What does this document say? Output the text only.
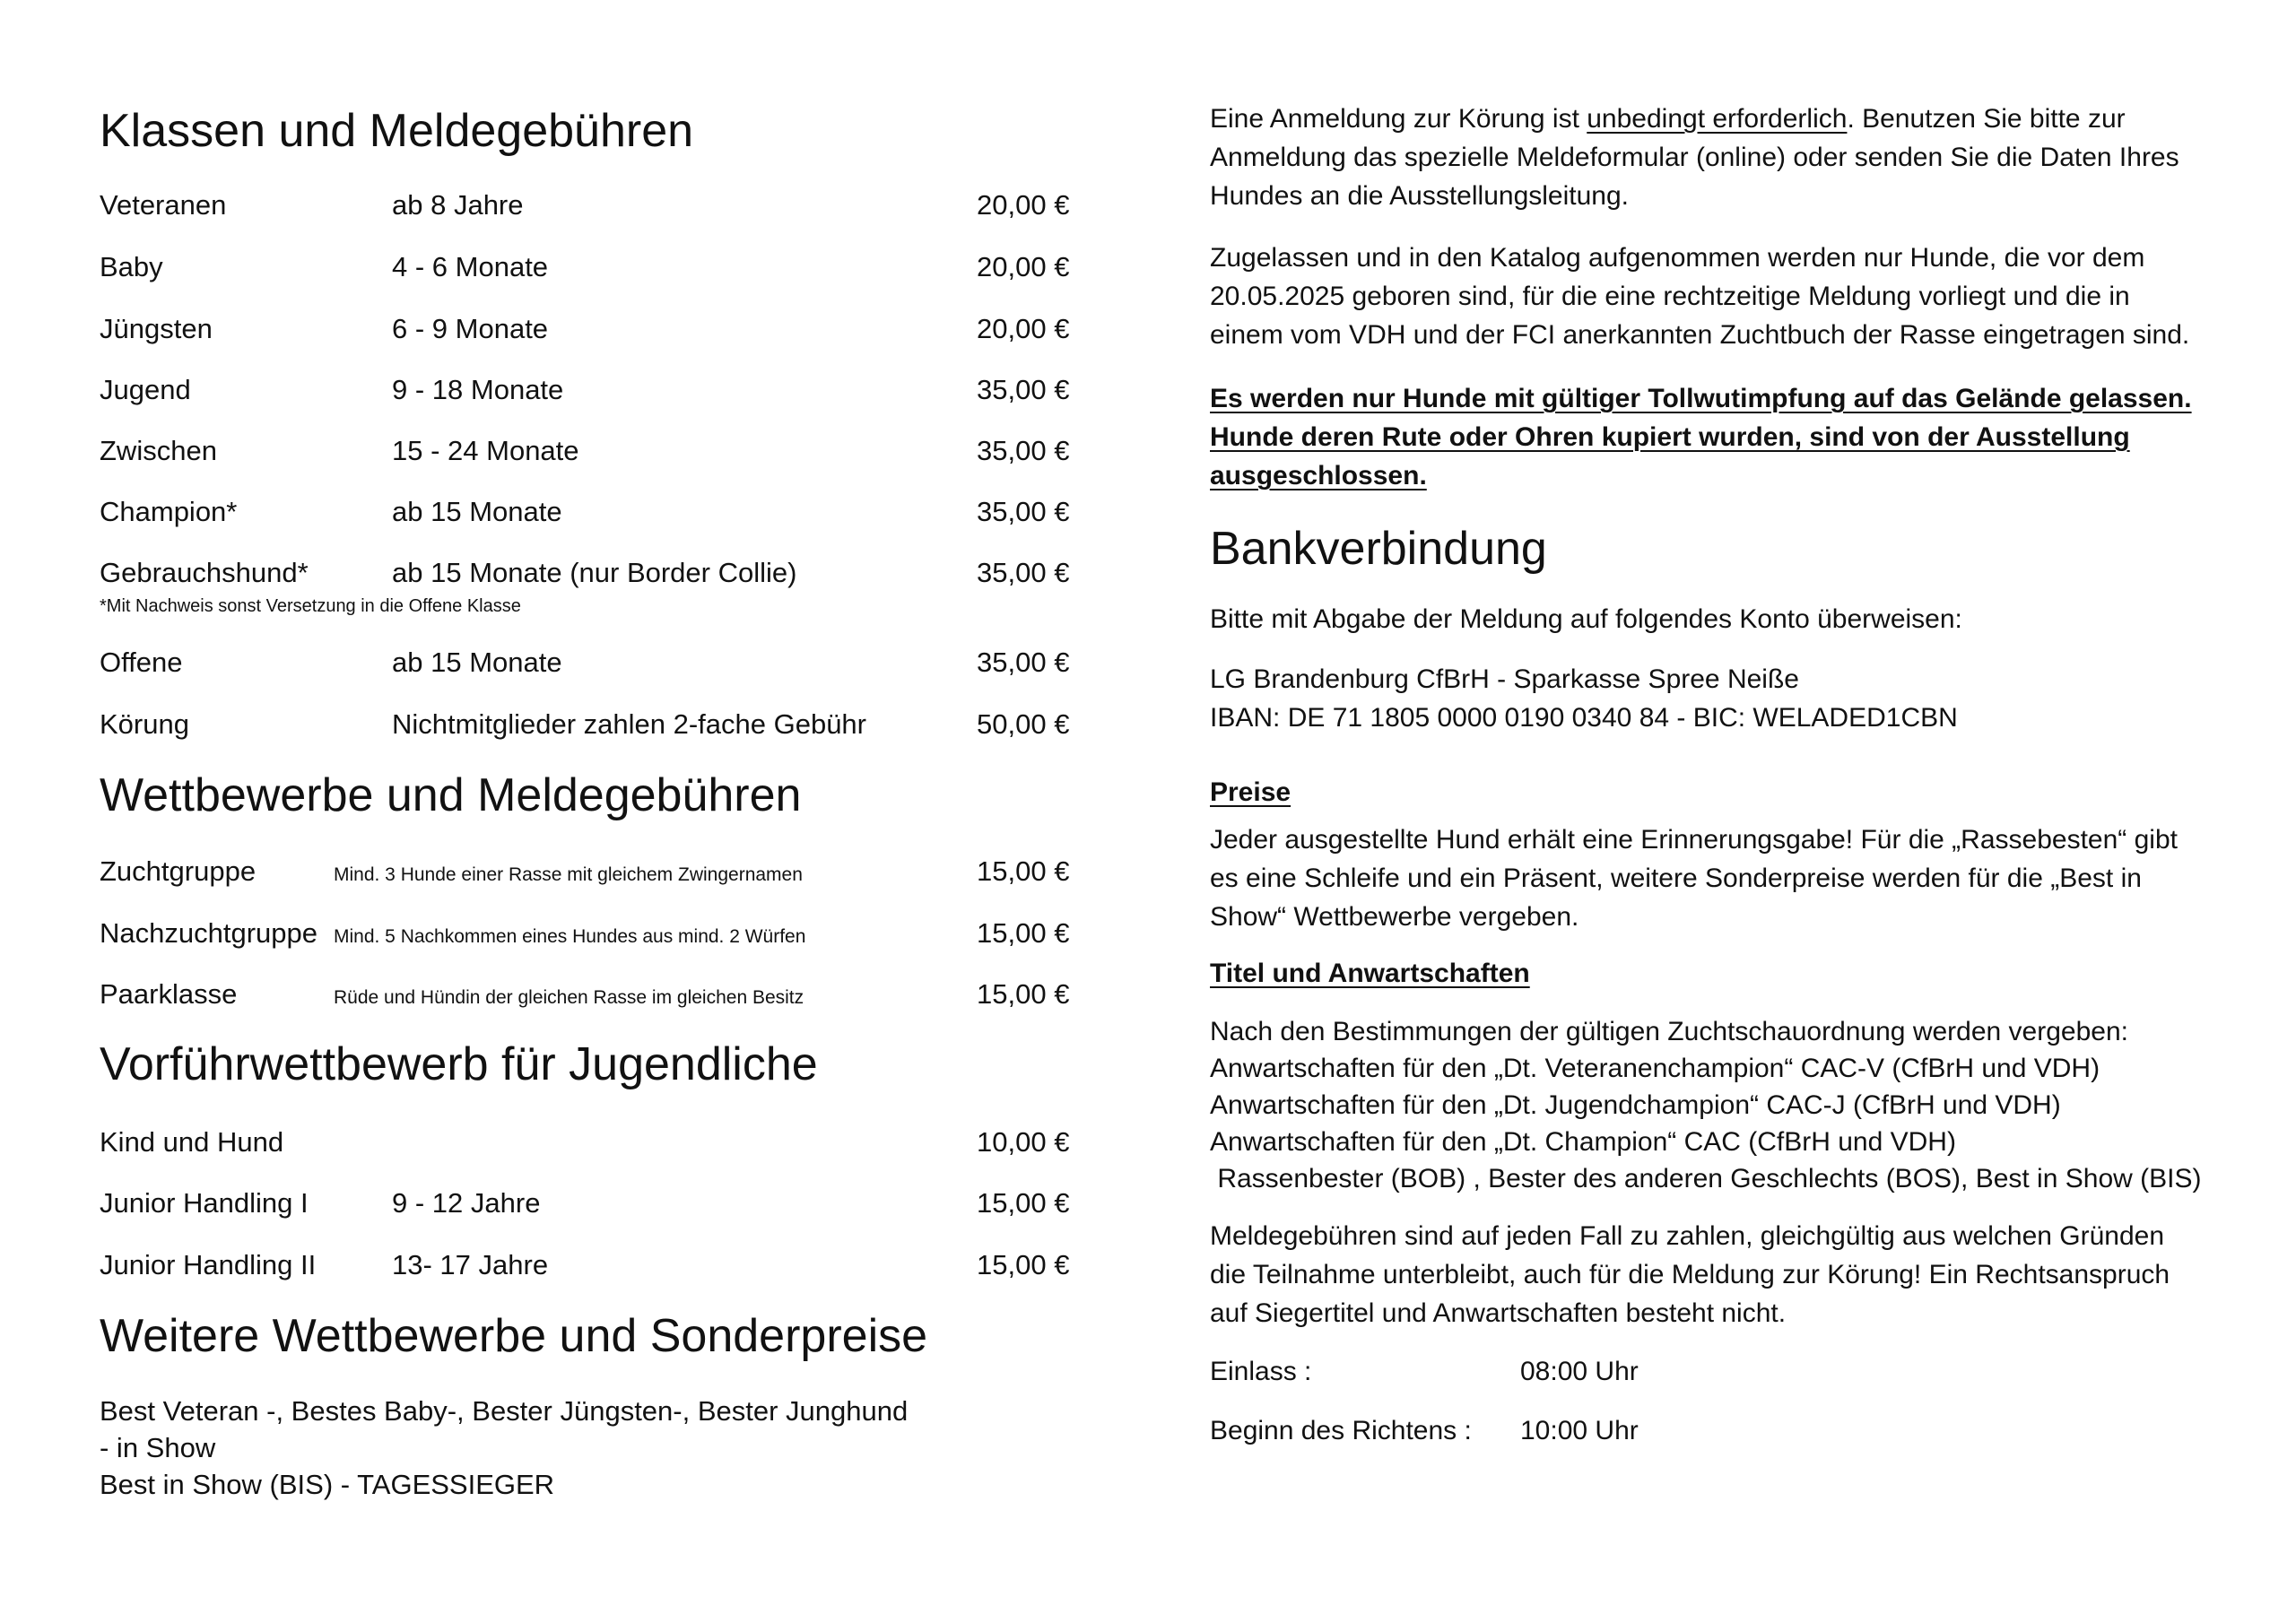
Klassen und Meldegebühren
Veteranen	ab 8 Jahre	20,00 €
Baby	4 - 6 Monate	20,00 €
Jüngsten	6 - 9 Monate	20,00 €
Jugend	9 - 18 Monate	35,00 €
Zwischen	15 - 24 Monate	35,00 €
Champion*	ab 15 Monate	35,00 €
Gebrauchshund*	ab 15 Monate (nur Border Collie)	35,00 €
*Mit Nachweis sonst Versetzung in die Offene Klasse
Offene	ab 15 Monate	35,00 €
Körung	Nichtmitglieder zahlen 2-fache Gebühr	50,00 €
Wettbewerbe und Meldegebühren
Zuchtgruppe	Mind. 3 Hunde einer Rasse mit gleichem Zwingernamen	15,00 €
Nachzuchtgruppe Mind. 5 Nachkommen eines Hundes aus mind. 2 Würfen	15,00 €
Paarklasse	Rüde und Hündin der gleichen Rasse im gleichen Besitz	15,00 €
Vorführwettbewerb für Jugendliche
Kind und Hund	10,00 €
Junior Handling I	9 - 12 Jahre	15,00 €
Junior Handling II	13- 17 Jahre	15,00 €
Weitere Wettbewerbe und Sonderpreise
Best Veteran -, Bestes Baby-, Bester Jüngsten-, Bester Junghund
- in Show
Best in Show (BIS) - TAGESSIEGER
Eine Anmeldung zur Körung ist unbedingt erforderlich. Benutzen Sie bitte zur
Anmeldung das spezielle Meldeformular (online) oder senden Sie die Daten Ihres
Hundes an die Ausstellungsleitung.
Zugelassen und in den Katalog aufgenommen werden nur Hunde, die vor dem
20.05.2025 geboren sind, für die eine rechtzeitige Meldung vorliegt und die in
einem vom VDH und der FCI anerkannten Zuchtbuch der Rasse eingetragen sind.
Es werden nur Hunde mit gültiger Tollwutimpfung auf das Gelände gelassen.
Hunde deren Rute oder Ohren kupiert wurden, sind von der Ausstellung
ausgeschlossen.
Bankverbindung
Bitte mit Abgabe der Meldung auf folgendes Konto überweisen:
LG Brandenburg CfBrH - Sparkasse Spree Neiße
IBAN: DE 71 1805 0000 0190 0340 84 - BIC: WELADED1CBN
Preise
Jeder ausgestellte Hund erhält eine Erinnerungsgabe! Für die „Rassebesten“ gibt
es eine Schleife und ein Präsent, weitere Sonderpreise werden für die „Best in
Show“ Wettbewerbe vergeben.
Titel und Anwartschaften
Nach den Bestimmungen der gültigen Zuchtschauordnung werden vergeben:
Anwartschaften für den „Dt. Veteranenchampion“ CAC-V (CfBrH und VDH)
Anwartschaften für den „Dt. Jugendchampion“ CAC-J (CfBrH und VDH)
Anwartschaften für den „Dt. Champion“ CAC (CfBrH und VDH)
Rassenbester (BOB) , Bester des anderen Geschlechts (BOS), Best in Show (BIS)
Meldegebühren sind auf jeden Fall zu zahlen, gleichgültig aus welchen Gründen
die Teilnahme unterbleibt, auch für die Meldung zur Körung! Ein Rechtsanspruch
auf Siegertitel und Anwartschaften besteht nicht.
Einlass :	08:00 Uhr
Beginn des Richtens : 10:00 Uhr
